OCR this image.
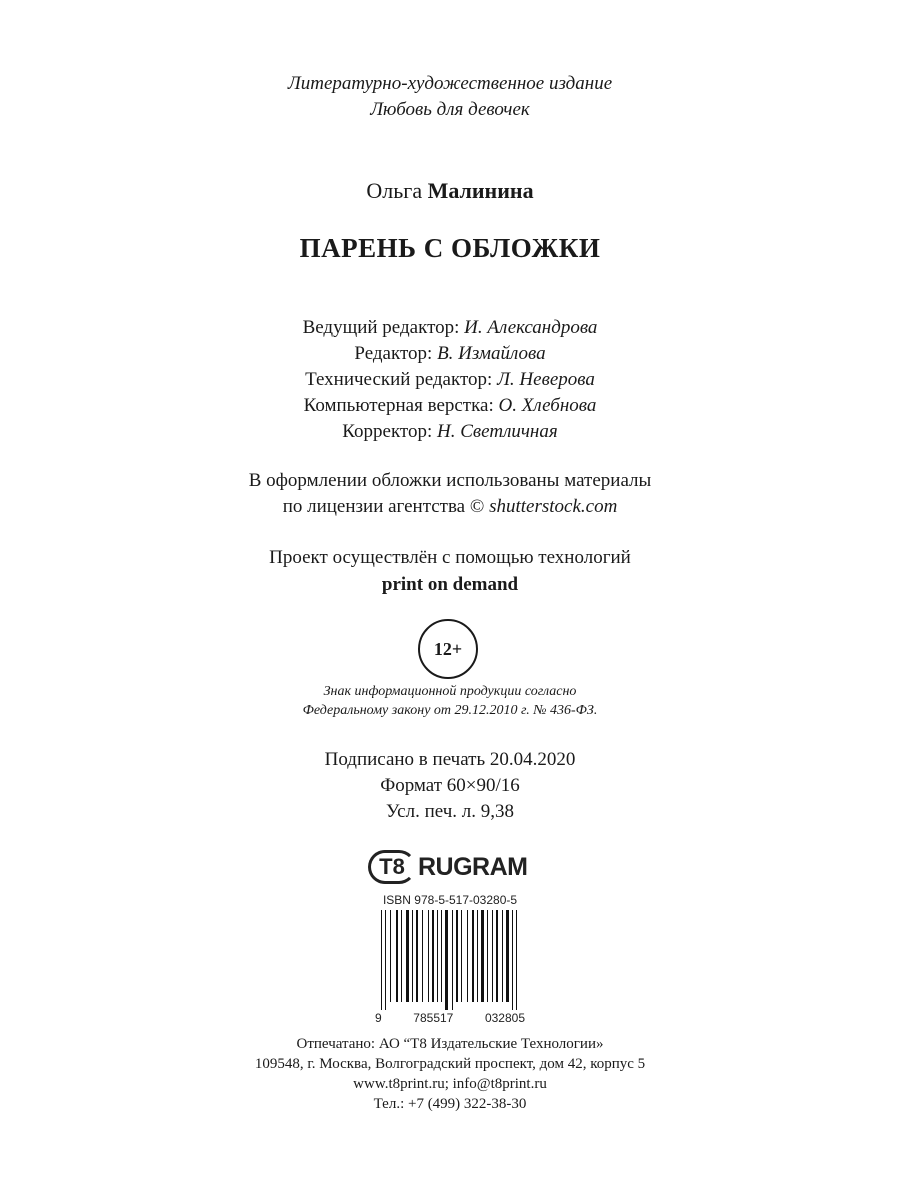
Литературно-художественное издание
Любовь для девочек
Ольга Малинина
ПАРЕНЬ С ОБЛОЖКИ
Ведущий редактор: И. Александрова
Редактор: В. Измайлова
Технический редактор: Л. Неверова
Компьютерная верстка: О. Хлебнова
Корректор: Н. Светличная
В оформлении обложки использованы материалы
по лицензии агентства © shutterstock.com
Проект осуществлён с помощью технологий
print on demand
12+
Знак информационной продукции согласно
Федеральному закону от 29.12.2010 г. № 436-ФЗ.
Подписано в печать 20.04.2020
Формат 60×90/16
Усл. печ. л. 9,38
T8 RUGRAM
ISBN 978-5-517-03280-5
9	785517	032805
Отпечатано: АО “Т8 Издательские Технологии»
109548, г. Москва, Волгоградский проспект, дом 42, корпус 5
www.t8print.ru; info@t8print.ru
Тел.: +7 (499) 322-38-30
